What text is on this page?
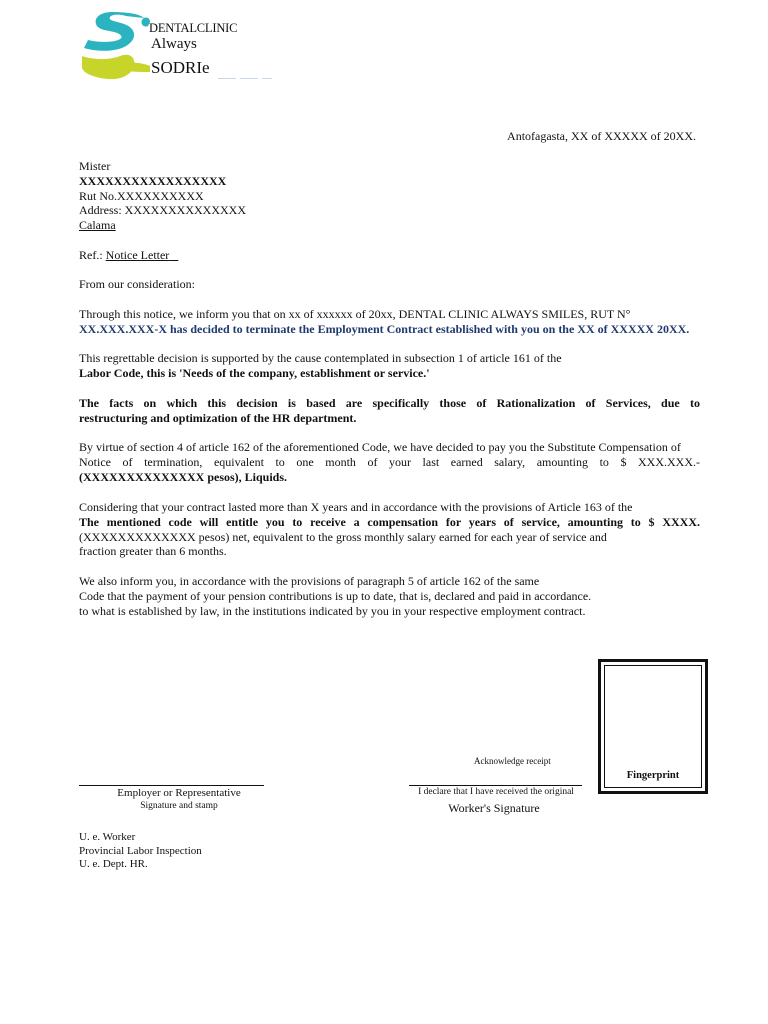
DENTALCLINIC
Always
SODRIe
Antofagasta, XX of XXXXX of 20XX.
Mister
XXXXXXXXXXXXXXXXX
Rut No.XXXXXXXXXX
Address: XXXXXXXXXXXXXX
Calama
Ref.: Notice Letter
From our consideration:
Through this notice, we inform you that on xx of xxxxxx of 20xx, DENTAL CLINIC ALWAYS SMILES, RUT N°
XX.XXX.XXX-X has decided to terminate the Employment Contract established with you on the XX of XXXXX 20XX.
This regrettable decision is supported by the cause contemplated in subsection 1 of article 161 of the
Labor Code, this is 'Needs of the company, establishment or service.'
The facts on which this decision is based are specifically those of Rationalization of Services, due to
restructuring and optimization of the HR department.
By virtue of section 4 of article 162 of the aforementioned Code, we have decided to pay you the Substitute Compensation of
Notice of termination, equivalent to one month of your last earned salary, amounting to $ XXX.XXX.-
(XXXXXXXXXXXXXX pesos), Liquids.
Considering that your contract lasted more than X years and in accordance with the provisions of Article 163 of the
The mentioned code will entitle you to receive a compensation for years of service, amounting to $ XXXX.
(XXXXXXXXXXXXX pesos) net, equivalent to the gross monthly salary earned for each year of service and
fraction greater than 6 months.
We also inform you, in accordance with the provisions of paragraph 5 of article 162 of the same
Code that the payment of your pension contributions is up to date, that is, declared and paid in accordance.
to what is established by law, in the institutions indicated by you in your respective employment contract.
Fingerprint
Acknowledge receipt
Employer or Representative
Signature and stamp
I declare that I have received the original
Worker's Signature
U. e. Worker
Provincial Labor Inspection
U. e. Dept. HR.
